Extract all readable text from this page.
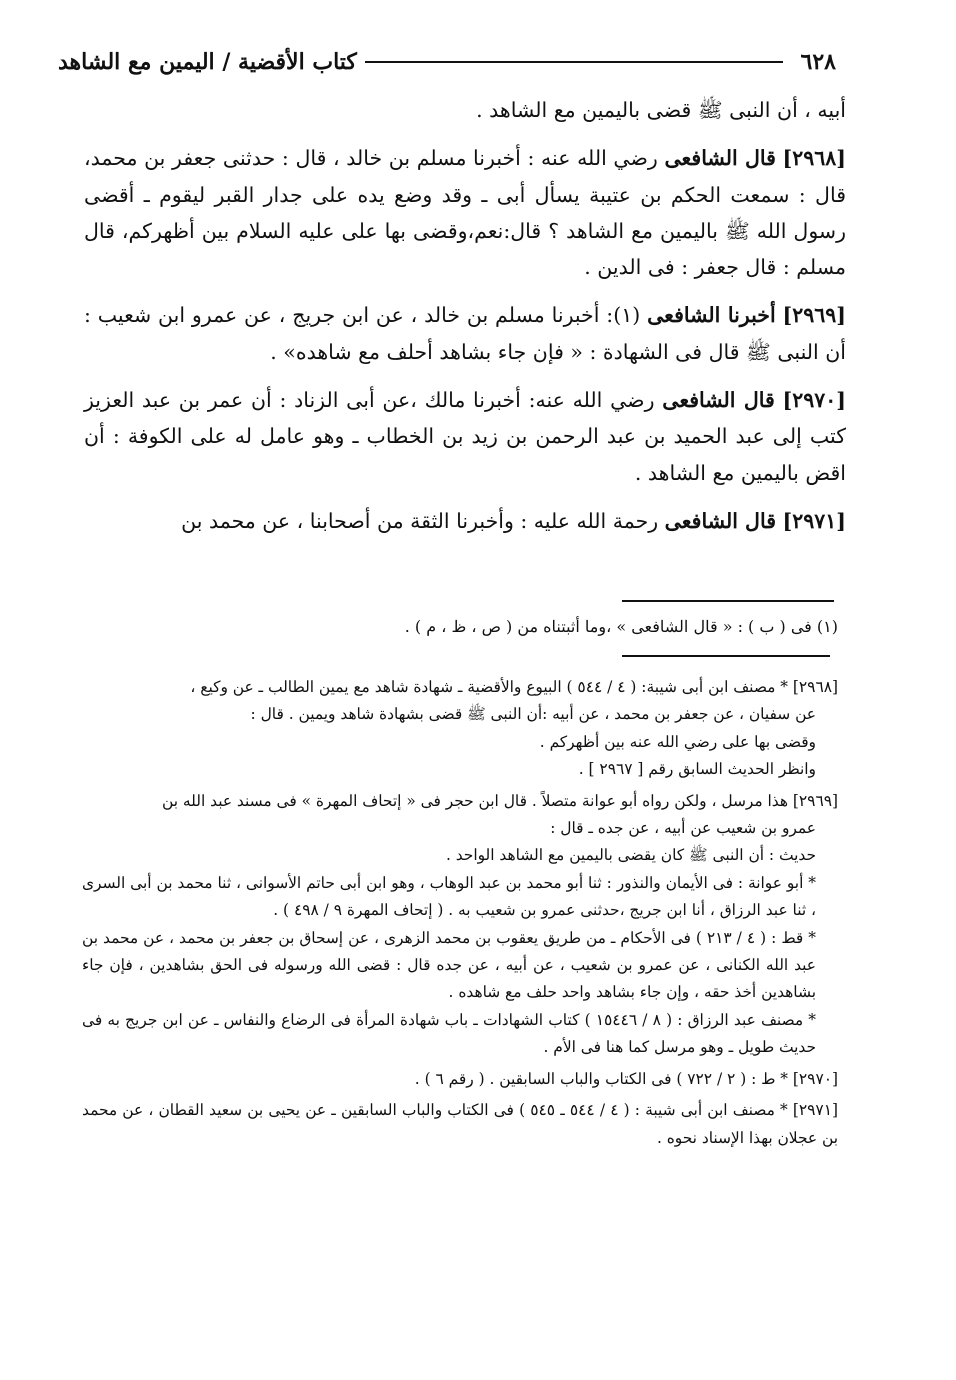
٦٢٨
كتاب الأقضية / اليمين مع الشاهد

أبيه ، أن النبى ﷺ قضى باليمين مع الشاهد .

[٢٩٦٨] قال الشافعى رضي الله عنه : أخبرنا مسلم بن خالد ، قال : حدثنى جعفر بن محمد، قال : سمعت الحكم بن عتيبة يسأل أبى ـ وقد وضع يده على جدار القبر ليقوم ـ أقضى رسول الله ﷺ باليمين مع الشاهد ؟ قال:نعم،وقضى بها على عليه السلام بين أظهركم، قال مسلم : قال جعفر : فى الدين .

[٢٩٦٩] أخبرنا الشافعى (١): أخبرنا مسلم بن خالد ، عن ابن جريج ، عن عمرو ابن شعيب : أن النبى ﷺ قال فى الشهادة : « فإن جاء بشاهد أحلف مع شاهده» .

[٢٩٧٠] قال الشافعى رضي الله عنه: أخبرنا مالك ،عن أبى الزناد : أن عمر بن عبد العزيز كتب إلى عبد الحميد بن عبد الرحمن بن زيد بن الخطاب ـ وهو عامل له على الكوفة : أن اقض باليمين مع الشاهد .

[٢٩٧١] قال الشافعى رحمة الله عليه : وأخبرنا الثقة من أصحابنا ، عن محمد بن

(١) فى ( ب ) : « قال الشافعى » ،وما أثبتناه من ( ص ، ظ ، م ) .
[٢٩٦٨] * مصنف ابن أبى شيبة: ( ٤ / ٥٤٤ ) البيوع والأقضية ـ شهادة شاهد مع يمين الطالب ـ عن وكيع ،
عن سفيان ، عن جعفر بن محمد ، عن أبيه :أن النبى ﷺ قضى بشهادة شاهد ويمين . قال :
وقضى بها على رضي الله عنه بين أظهركم .
وانظر الحديث السابق رقم [ ٢٩٦٧ ] .
[٢٩٦٩] هذا مرسل ، ولكن رواه أبو عوانة متصلاً . قال ابن حجر فى « إتحاف المهرة » فى مسند عبد الله بن
عمرو بن شعيب عن أبيه ، عن جده ـ قال :
حديث : أن النبى ﷺ كان يقضى باليمين مع الشاهد الواحد .
* أبو عوانة : فى الأيمان والنذور : ثنا أبو محمد بن عبد الوهاب ، وهو ابن أبى حاتم الأسوانى ، ثنا محمد بن أبى السرى ، ثنا عبد الرزاق ، أنا ابن جريج ،حدثنى عمرو بن شعيب به . ( إتحاف المهرة ٩ / ٤٩٨ ) .
* قط : ( ٤ / ٢١٣ ) فى الأحكام ـ من طريق يعقوب بن محمد الزهرى ، عن إسحاق بن جعفر بن محمد ، عن محمد بن عبد الله الكنانى ، عن عمرو بن شعيب ، عن أبيه ، عن جده قال : قضى الله ورسوله فى الحق بشاهدين ، فإن جاء بشاهدين أخذ حقه ، وإن جاء بشاهد واحد حلف مع شاهده .
* مصنف عبد الرزاق : ( ٨ / ١٥٤٤٦ ) كتاب الشهادات ـ باب شهادة المرأة فى الرضاع والنفاس ـ عن ابن جريج به فى حديث طويل ـ وهو مرسل كما هنا فى الأم .
[٢٩٧٠] * ط : ( ٢ / ٧٢٢ ) فى الكتاب والباب السابقين . ( رقم ٦ ) .
[٢٩٧١] * مصنف ابن أبى شيبة : ( ٤ / ٥٤٤ ـ ٥٤٥ ) فى الكتاب والباب السابقين ـ عن يحيى بن سعيد القطان ، عن محمد بن عجلان بهذا الإسناد نحوه .
